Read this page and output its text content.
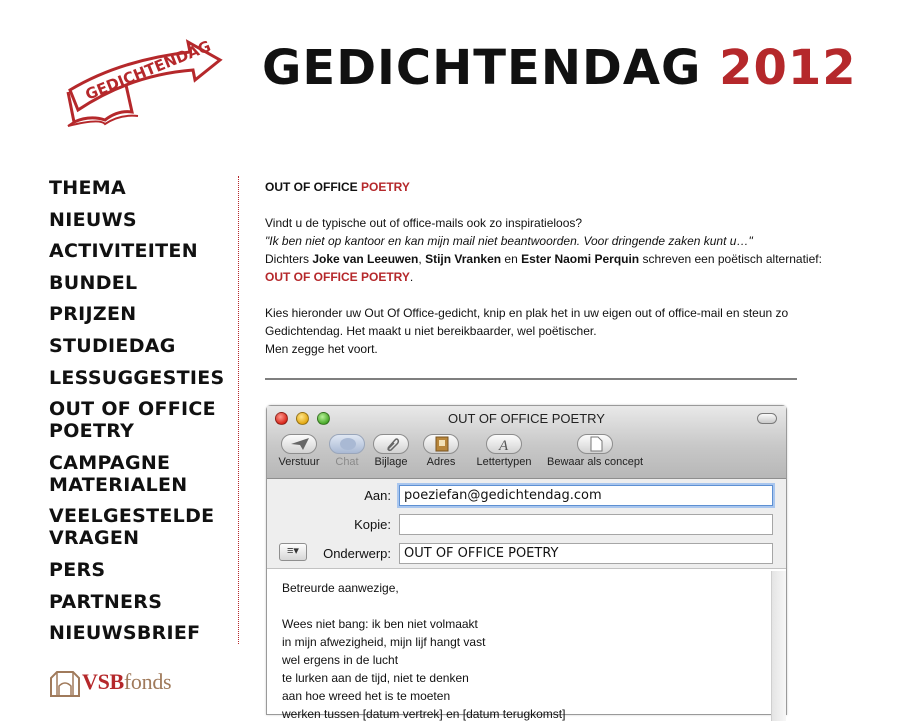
GEDICHTENDAG GEDICHTENDAG 2012
THEMA
NIEUWS
ACTIVITEITEN
BUNDEL
PRIJZEN
STUDIEDAG
LESSUGGESTIES
OUT OF OFFICE
POETRY
CAMPAGNE
MATERIALEN
VEELGESTELDE
VRAGEN
PERS
PARTNERS
NIEUWSBRIEF
VSBfonds

OUT OF OFFICE POETRY

Vindt u de typische out of office-mails ook zo inspiratieloos?
"Ik ben niet op kantoor en kan mijn mail niet beantwoorden. Voor dringende zaken kunt u…"
Dichters Joke van Leeuwen, Stijn Vranken en Ester Naomi Perquin schreven een poëtisch alternatief:
OUT OF OFFICE POETRY.

Kies hieronder uw Out Of Office-gedicht, knip en plak het in uw eigen out of office-mail en steun zo
Gedichtendag. Het maakt u niet bereikbaarder, wel poëtischer.
Men zegge het voort.

OUT OF OFFICE POETRY
Verstuur	Chat	Bijlage	Adres
A
Lettertypen	Bewaar als concept
Aan:	poeziefan@gedichtendag.com
Kopie:
≡▾	Onderwerp:	OUT OF OFFICE POETRY
Betreurde aanwezige,
Wees niet bang: ik ben niet volmaakt
in mijn afwezigheid, mijn lijf hangt vast
wel ergens in de lucht
te lurken aan de tijd, niet te denken
aan hoe wreed het is te moeten
werken tussen [datum vertrek] en [datum terugkomst]
